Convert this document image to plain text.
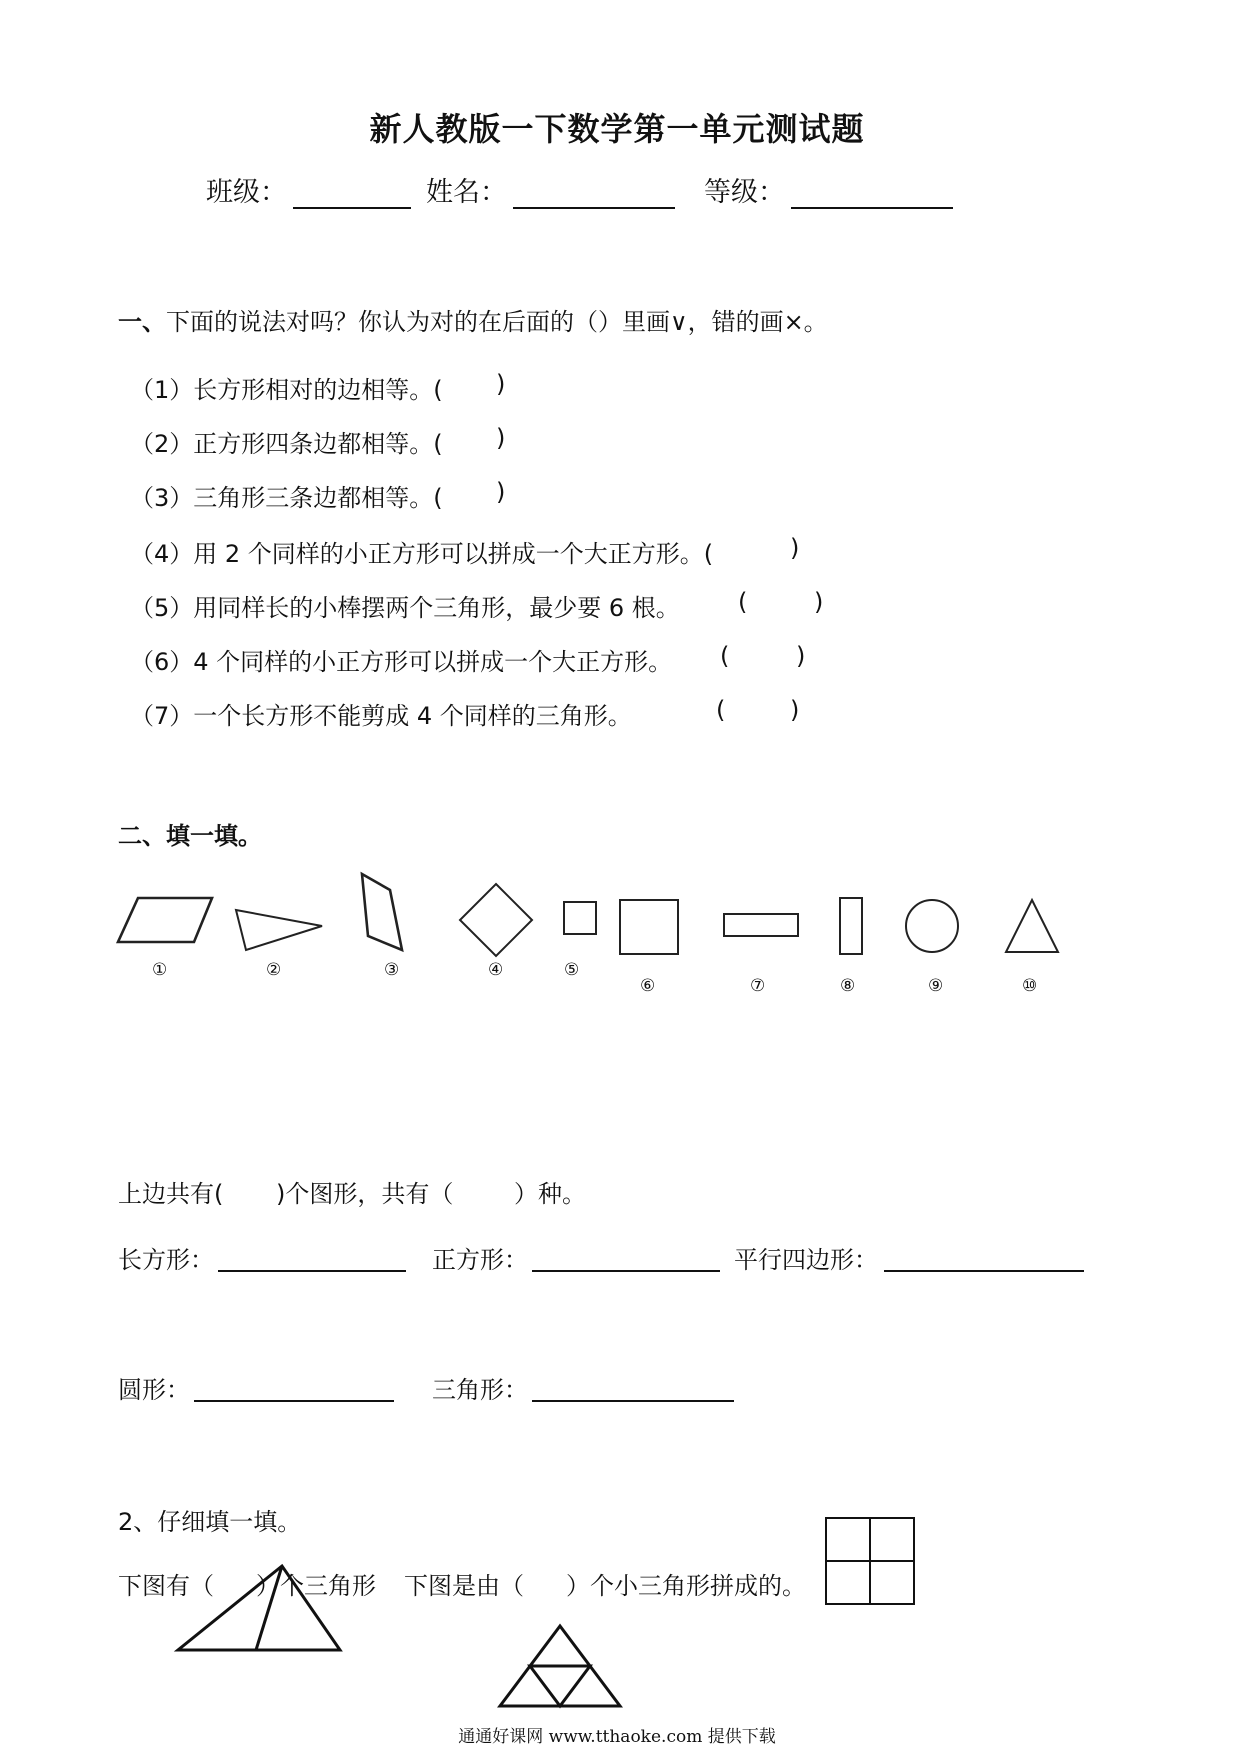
新人教版一下数学第一单元测试题
班级：	姓名：	等级：
一、下面的说法对吗？你认为对的在后面的（）里画∨，错的画×。
（1）长方形相对的边相等。( )
（2）正方形四条边都相等。( )
（3）三角形三条边都相等。( )
（4）用 2 个同样的小正方形可以拼成一个大正方形。(	)
（5）用同样长的小棒摆两个三角形，最少要 6 根。 (	)
（6）4 个同样的小正方形可以拼成一个大正方形。 (	)
（7）一个长方形不能剪成 4 个同样的三角形。	(	)
二、填一填。
①	②	③	④	⑤
⑥	⑦	⑧	⑨	⑩
上边共有( )个图形，共有（	）种。
长方形：	正方形：	平行四边形：
圆形：	三角形：
2、仔细填一填。
下图有（ ）个三角形 下图是由（ ）个小三角形拼成的。
通通好课网 www.tthaoke.com 提供下载
